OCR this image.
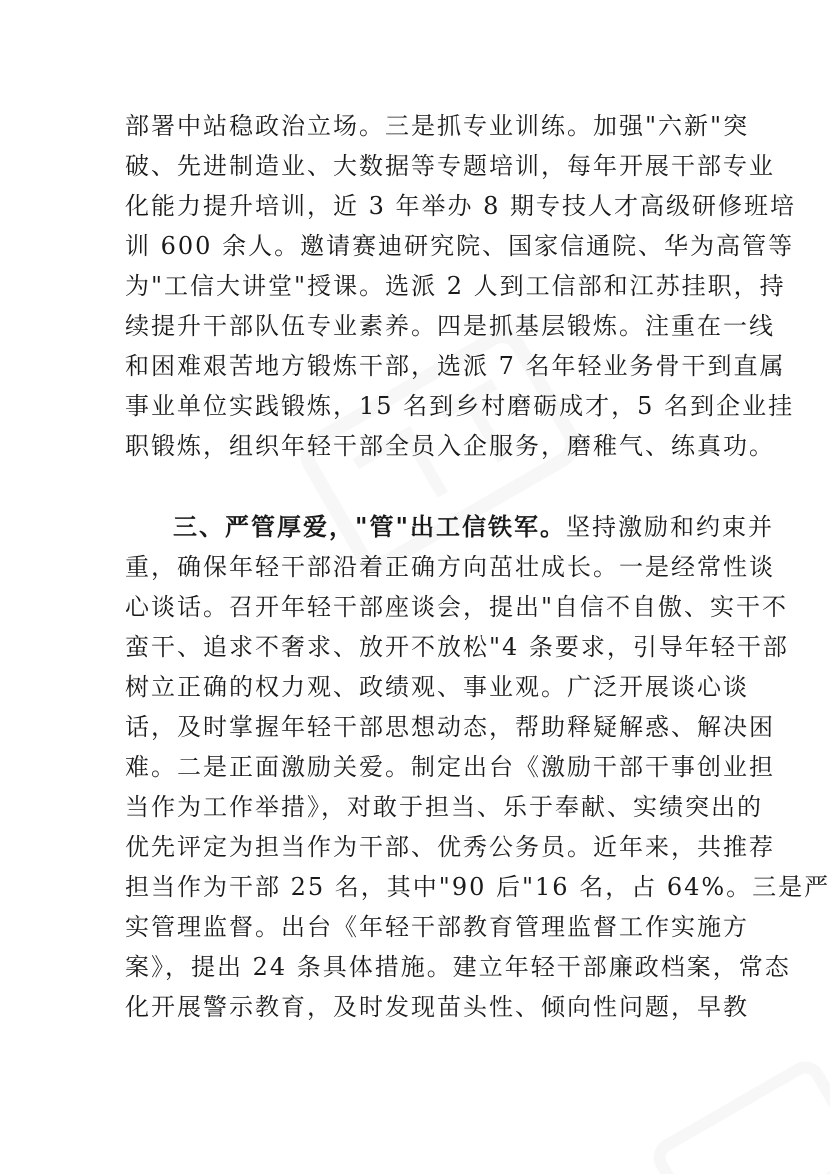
部署中站稳政治立场。三是抓专业训练。加强"六新"突
破、先进制造业、大数据等专题培训，每年开展干部专业
化能力提升培训，近 3 年举办 8 期专技人才高级研修班培
训 600 余人。邀请赛迪研究院、国家信通院、华为高管等
为"工信大讲堂"授课。选派 2 人到工信部和江苏挂职，持
续提升干部队伍专业素养。四是抓基层锻炼。注重在一线
和困难艰苦地方锻炼干部，选派 7 名年轻业务骨干到直属
事业单位实践锻炼，15 名到乡村磨砺成才，5 名到企业挂
职锻炼，组织年轻干部全员入企服务，磨稚气、练真功。
三、严管厚爱，"管"出工信铁军。坚持激励和约束并
重，确保年轻干部沿着正确方向茁壮成长。一是经常性谈
心谈话。召开年轻干部座谈会，提出"自信不自傲、实干不
蛮干、追求不奢求、放开不放松"4 条要求，引导年轻干部
树立正确的权力观、政绩观、事业观。广泛开展谈心谈
话，及时掌握年轻干部思想动态，帮助释疑解惑、解决困
难。二是正面激励关爱。制定出台《激励干部干事创业担
当作为工作举措》，对敢于担当、乐于奉献、实绩突出的
优先评定为担当作为干部、优秀公务员。近年来，共推荐
担当作为干部 25 名，其中"90 后"16 名，占 64%。三是严
实管理监督。出台《年轻干部教育管理监督工作实施方
案》，提出 24 条具体措施。建立年轻干部廉政档案，常态
化开展警示教育，及时发现苗头性、倾向性问题，早教
